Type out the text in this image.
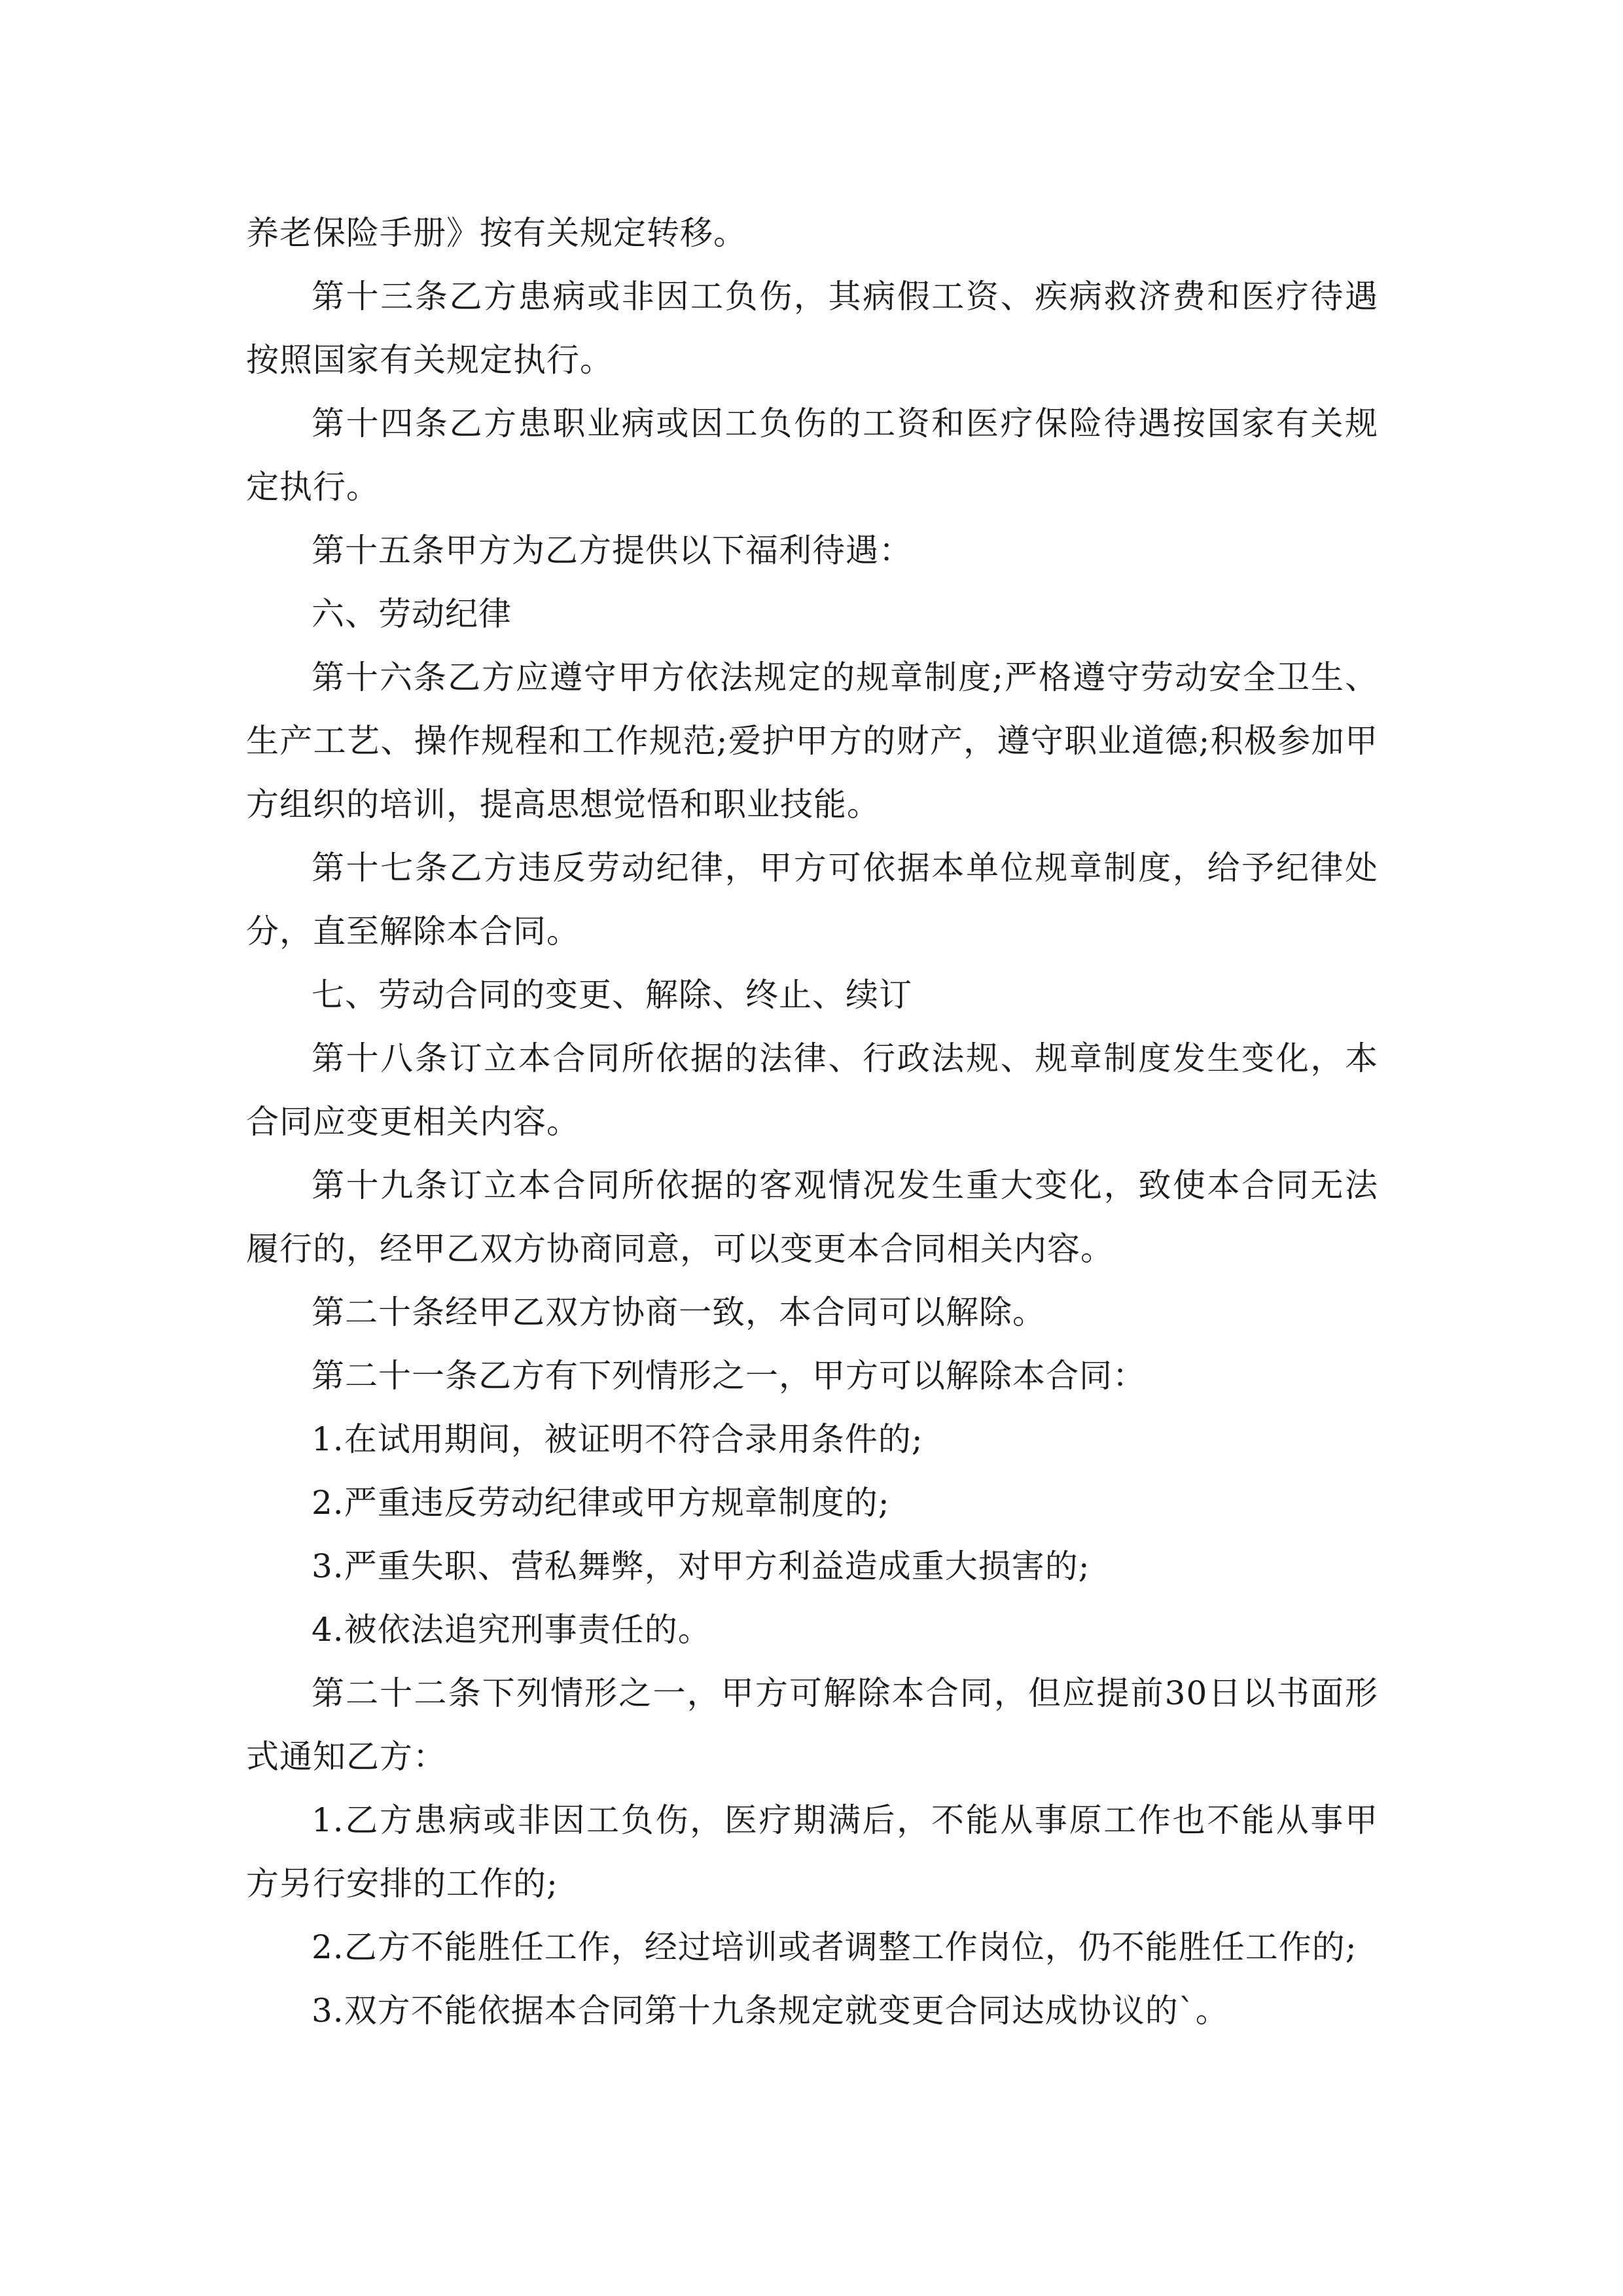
养老保险手册》按有关规定转移。

第十三条乙方患病或非因工负伤，其病假工资、疾病救济费和医疗待遇按照国家有关规定执行。

第十四条乙方患职业病或因工负伤的工资和医疗保险待遇按国家有关规定执行。

第十五条甲方为乙方提供以下福利待遇：

六、劳动纪律

第十六条乙方应遵守甲方依法规定的规章制度;严格遵守劳动安全卫生、生产工艺、操作规程和工作规范;爱护甲方的财产，遵守职业道德;积极参加甲方组织的培训，提高思想觉悟和职业技能。

第十七条乙方违反劳动纪律，甲方可依据本单位规章制度，给予纪律处分，直至解除本合同。

七、劳动合同的变更、解除、终止、续订

第十八条订立本合同所依据的法律、行政法规、规章制度发生变化，本合同应变更相关内容。

第十九条订立本合同所依据的客观情况发生重大变化，致使本合同无法履行的，经甲乙双方协商同意，可以变更本合同相关内容。

第二十条经甲乙双方协商一致，本合同可以解除。

第二十一条乙方有下列情形之一，甲方可以解除本合同：

1.在试用期间，被证明不符合录用条件的;

2.严重违反劳动纪律或甲方规章制度的;

3.严重失职、营私舞弊，对甲方利益造成重大损害的;

4.被依法追究刑事责任的。

第二十二条下列情形之一，甲方可解除本合同，但应提前30日以书面形式通知乙方：

1.乙方患病或非因工负伤，医疗期满后，不能从事原工作也不能从事甲方另行安排的工作的;

2.乙方不能胜任工作，经过培训或者调整工作岗位，仍不能胜任工作的;

3.双方不能依据本合同第十九条规定就变更合同达成协议的`。
